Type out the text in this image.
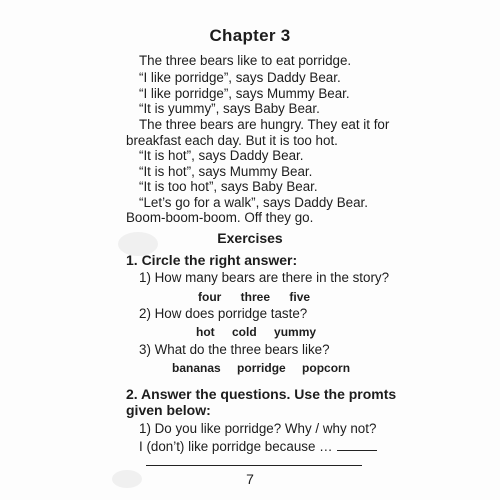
Chapter 3
The three bears like to eat porridge.
“I like porridge”, says Daddy Bear.
“I like porridge”, says Mummy Bear.
“It is yummy”, says Baby Bear.
The three bears are hungry. They eat it for
breakfast each day. But it is too hot.
“It is hot”, says Daddy Bear.
“It is hot”, says Mummy Bear.
“It is too hot”, says Baby Bear.
“Let’s go for a walk”, says Daddy Bear.
Boom-boom-boom. Off they go.
Exercises
1. Circle the right answer:
1) How many bears are there in the story?
four three five
2) How does porridge taste?
hot cold yummy
3) What do the three bears like?
bananas porridge popcorn
2. Answer the questions. Use the promts
given below:
1) Do you like porridge? Why / why not?
I (don’t) like porridge because …
7
